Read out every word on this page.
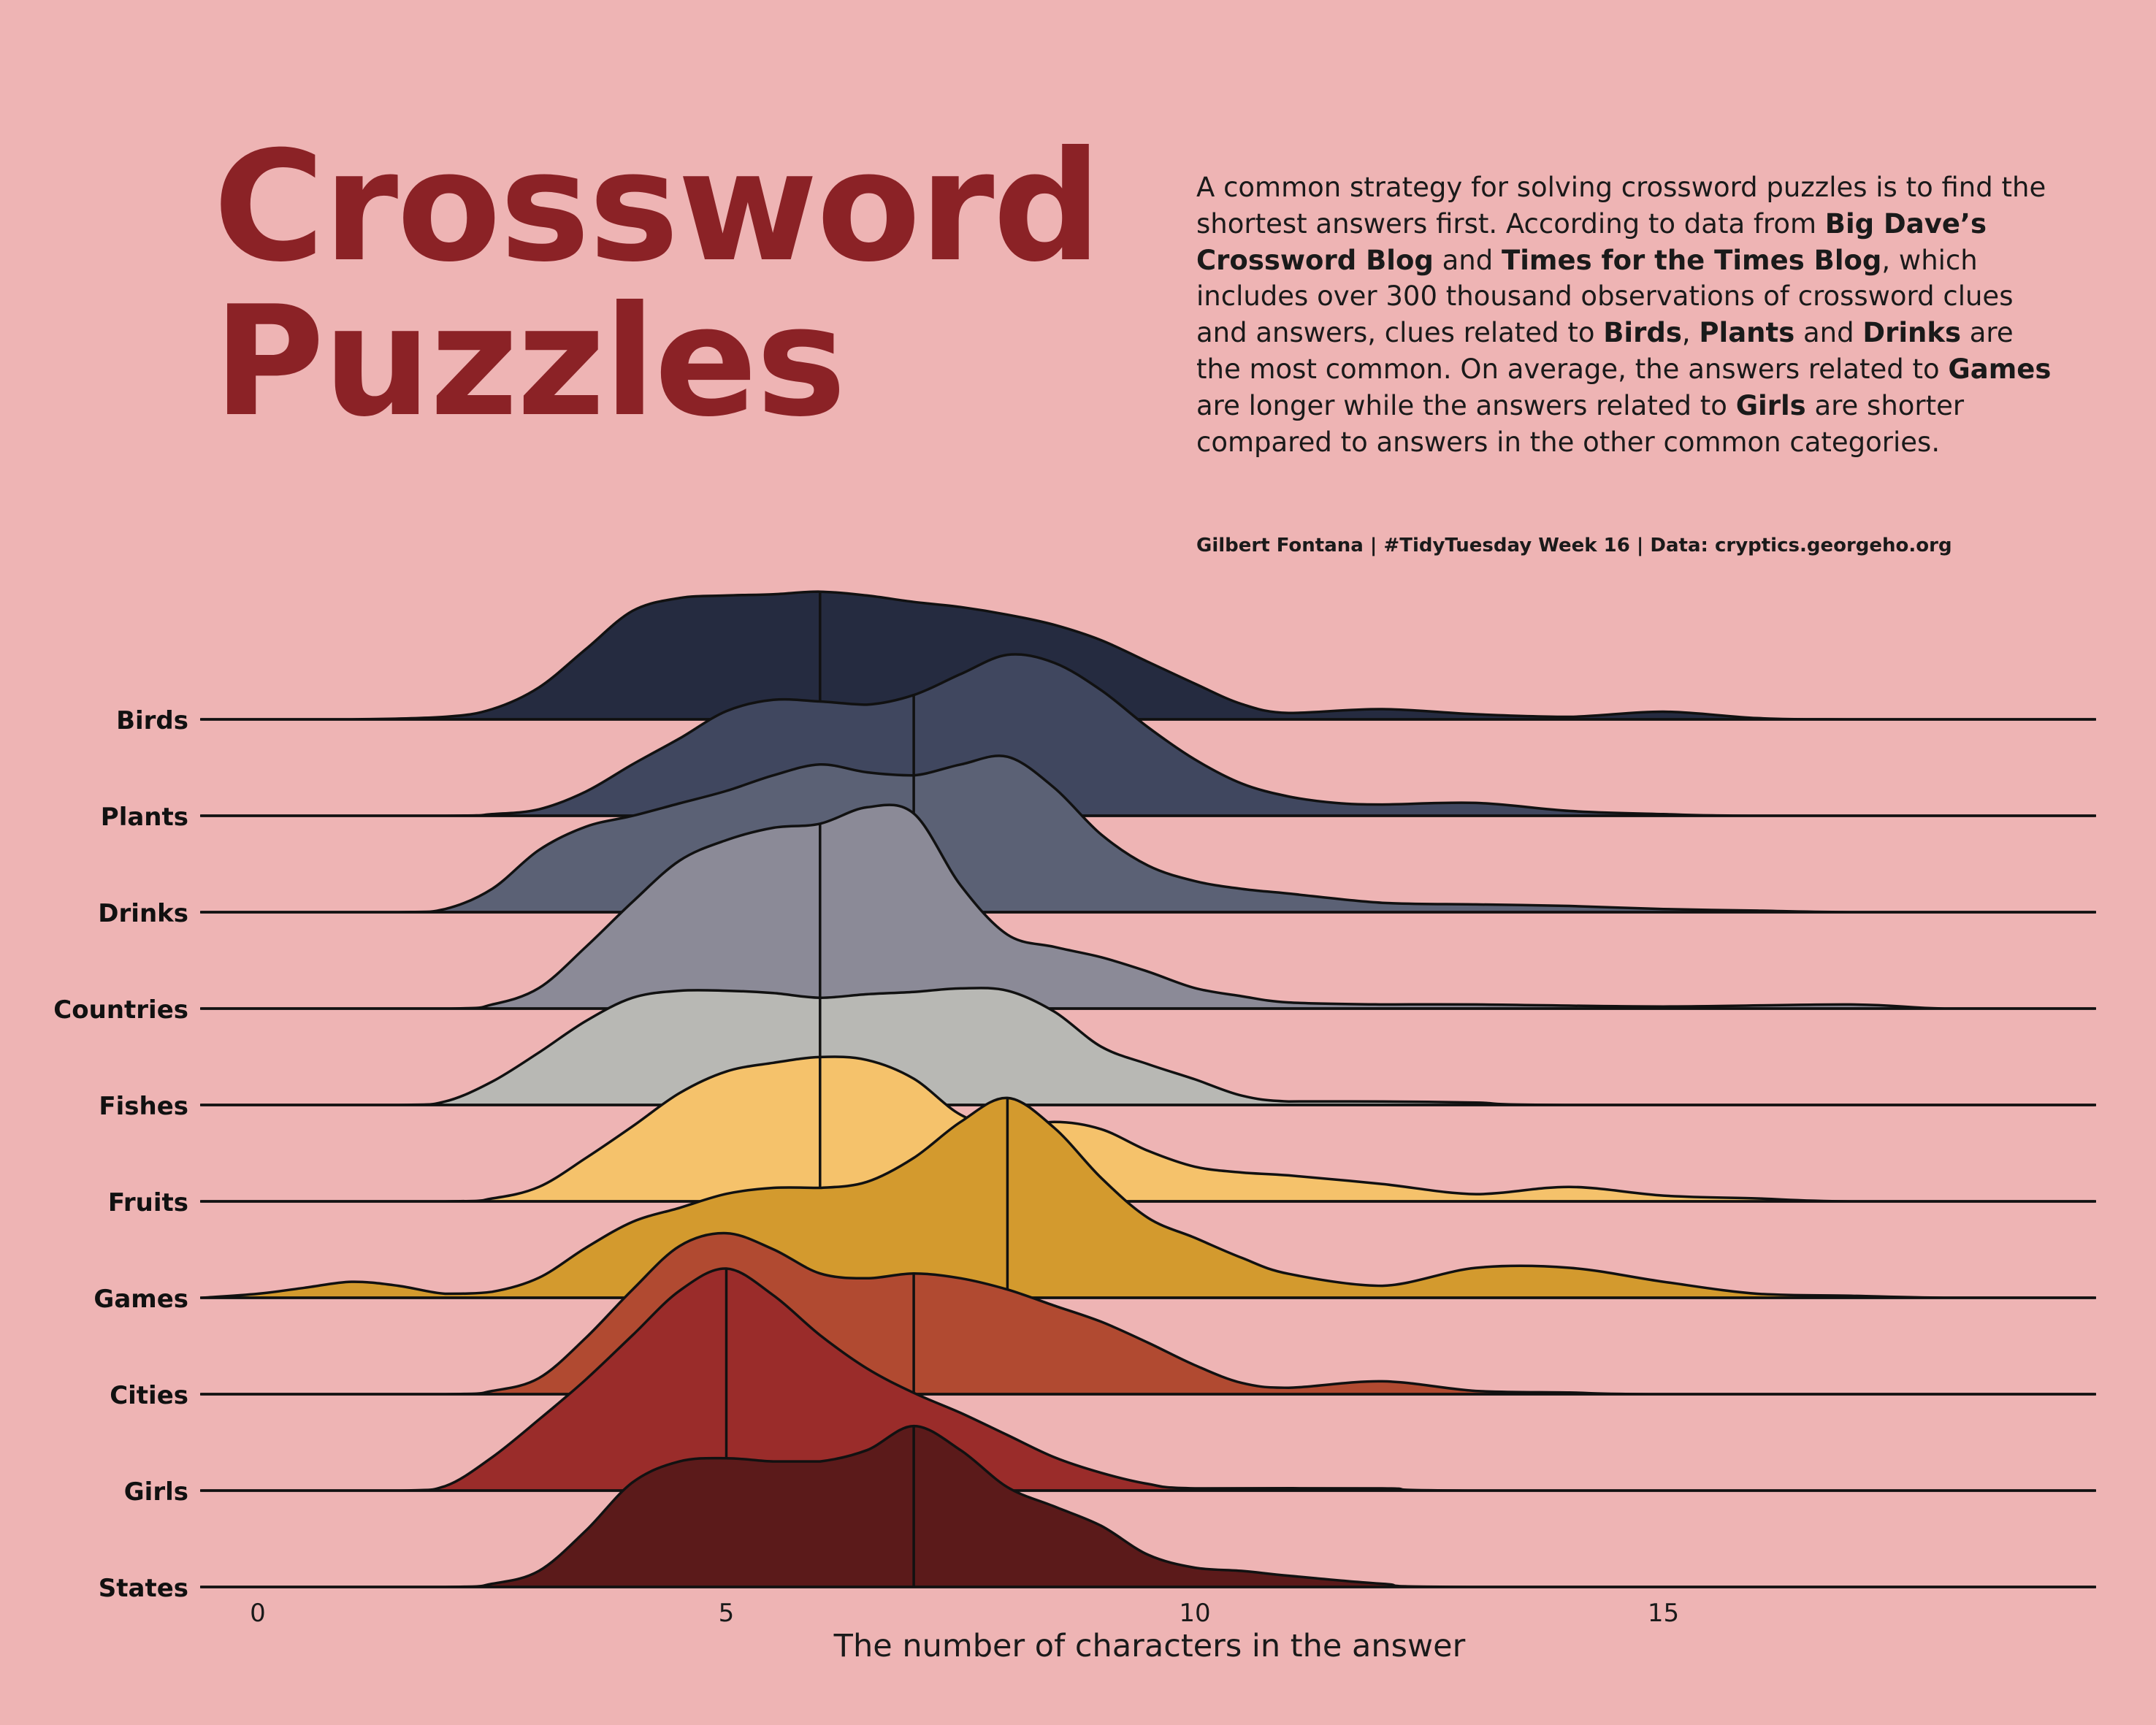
Crossword
Puzzles
A common strategy for solving crossword puzzles is to find the shortest answers first. According to data from Big Dave’s Crossword Blog and Times for the Times Blog, which includes over 300 thousand observations of crossword clues and answers, clues related to Birds, Plants and Drinks are the most common. On average, the answers related to Games are longer while the answers related to Girls are shorter compared to answers in the other common categories.
Gilbert Fontana | #TidyTuesday Week 16 | Data: cryptics.georgeho.org
Birds
Plants
Drinks
Countries
Fishes
Fruits
Games
Cities
Girls
States
0	5	10	15
The number of characters in the answer
